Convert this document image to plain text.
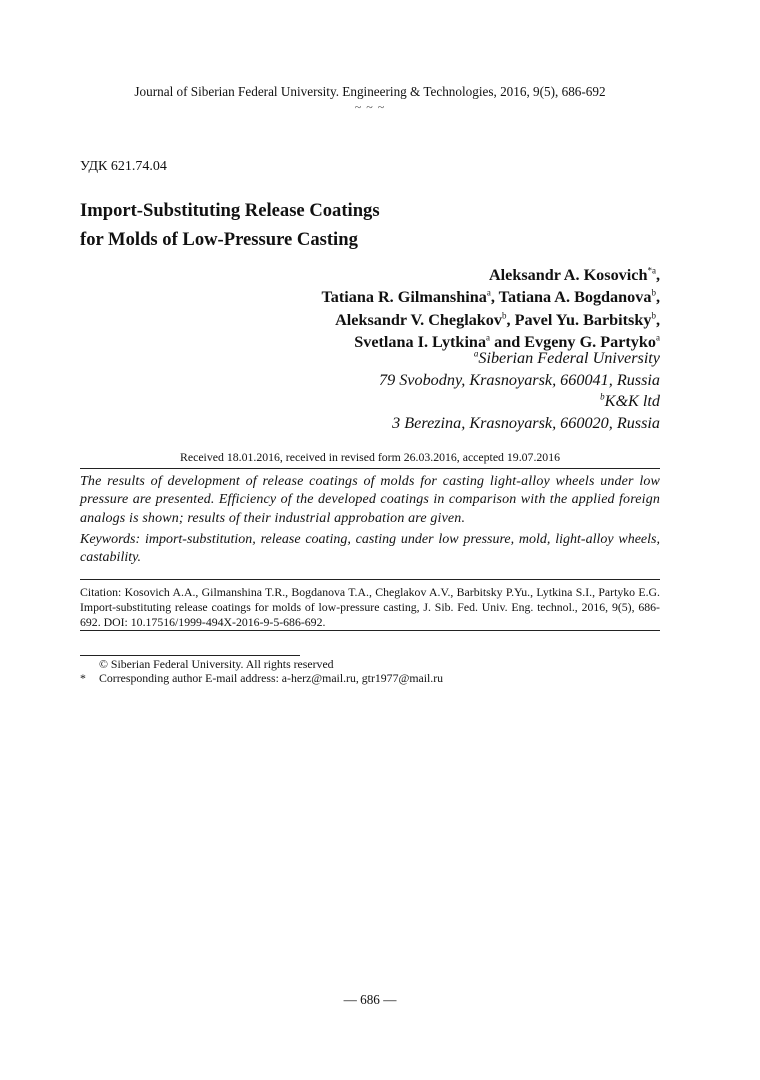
Journal of Siberian Federal University. Engineering & Technologies, 2016, 9(5), 686-692
~ ~ ~
УДК 621.74.04
Import-Substituting Release Coatings
for Molds of Low-Pressure Casting
Aleksandr A. Kosovich$^{*a}$,
Tatiana R. Gilmanshina$^a$, Tatiana A. Bogdanova$^b$,
Aleksandr V. Cheglakov$^b$, Pavel Yu. Barbitsky$^b$,
Svetlana I. Lytkina$^a$ and Evgeny G. Partyko$^a$
$^a$Siberian Federal University
79 Svobodny, Krasnoyarsk, 660041, Russia
$^b$K&K ltd
3 Berezina, Krasnoyarsk, 660020, Russia
Received 18.01.2016, received in revised form 26.03.2016, accepted 19.07.2016
The results of development of release coatings of molds for casting light-alloy wheels under low pressure are presented. Efficiency of the developed coatings in comparison with the applied foreign analogs is shown; results of their industrial approbation are given.
Keywords: import-substitution, release coating, casting under low pressure, mold, light-alloy wheels, castability.
Citation: Kosovich A.A., Gilmanshina T.R., Bogdanova T.A., Cheglakov A.V., Barbitsky P.Yu., Lytkina S.I., Partyko E.G. Import-substituting release coatings for molds of low-pressure casting, J. Sib. Fed. Univ. Eng. technol., 2016, 9(5), 686-692. DOI: 10.17516/1999-494X-2016-9-5-686-692.
© Siberian Federal University. All rights reserved
* Corresponding author E-mail address: a-herz@mail.ru, gtr1977@mail.ru
— 686 —
